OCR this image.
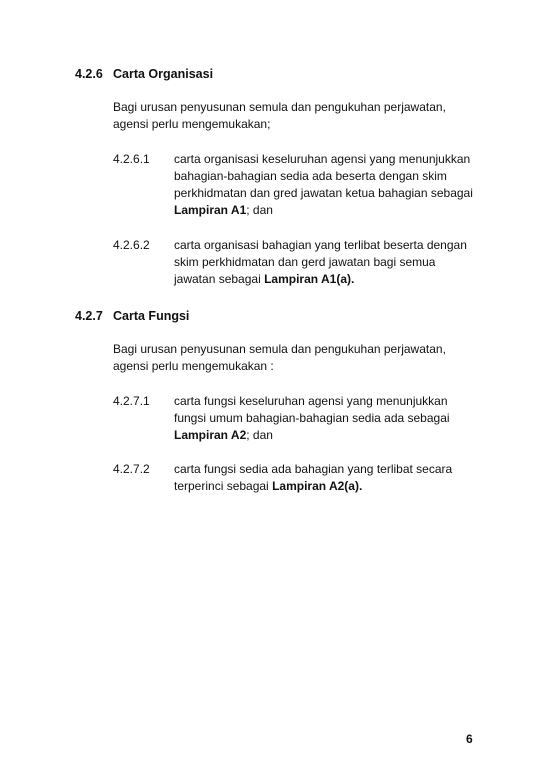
4.2.6 Carta Organisasi
Bagi urusan penyusunan semula dan pengukuhan perjawatan, agensi perlu mengemukakan;
4.2.6.1 carta organisasi keseluruhan agensi yang menunjukkan bahagian-bahagian sedia ada beserta dengan skim perkhidmatan dan gred jawatan ketua bahagian sebagai Lampiran A1; dan
4.2.6.2 carta organisasi bahagian yang terlibat beserta dengan skim perkhidmatan dan gerd jawatan bagi semua jawatan sebagai Lampiran A1(a).
4.2.7 Carta Fungsi
Bagi urusan penyusunan semula dan pengukuhan perjawatan, agensi perlu mengemukakan :
4.2.7.1 carta fungsi keseluruhan agensi yang menunjukkan fungsi umum bahagian-bahagian sedia ada sebagai Lampiran A2; dan
4.2.7.2 carta fungsi sedia ada bahagian yang terlibat secara terperinci sebagai Lampiran A2(a).
6
